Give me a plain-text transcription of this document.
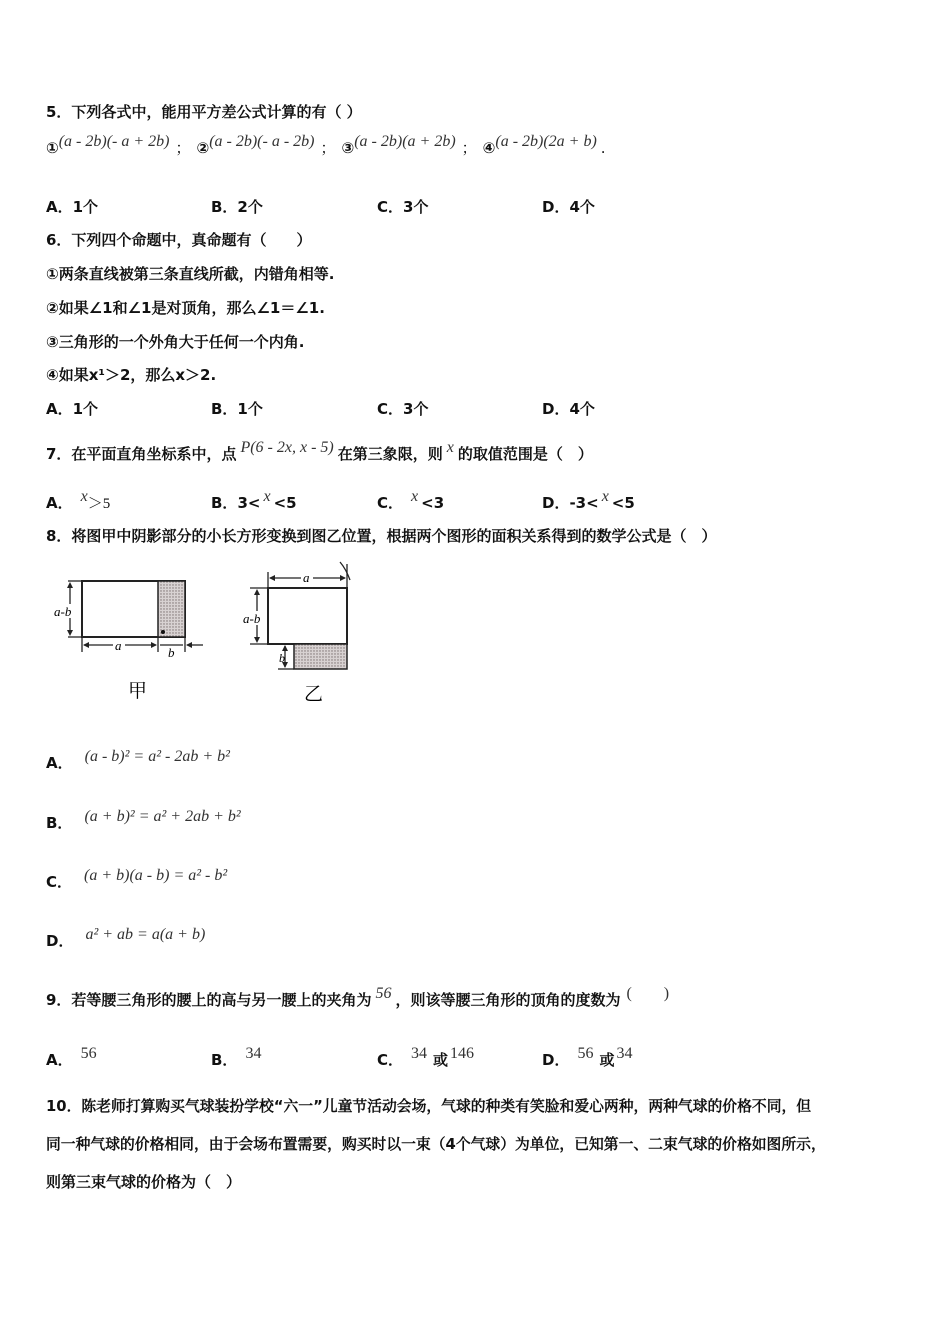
5．下列各式中，能用平方差公式计算的有（ ）
①(a - 2b)(- a + 2b) ； ②(a - 2b)(- a - 2b) ； ③(a - 2b)(a + 2b) ； ④(a - 2b)(2a + b) .
A．1个	B．2个	C．3个	D．4个
6．下列四个命题中，真命题有（　　）
①两条直线被第三条直线所截，内错角相等.
②如果∠1和∠1是对顶角，那么∠1＝∠1.
③三角形的一个外角大于任何一个内角.
④如果x¹＞2，那么x＞2.
A．1个	B．1个	C．3个	D．4个
7．在平面直角坐标系中，点 P(6 - 2x, x - 5) 在第三象限，则 x 的取值范围是（　）
A． x＞5	B．3< x <5	C． x <3	D．-3< x <5
8．将图甲中阴影部分的小长方形变换到图乙位置，根据两个图形的面积关系得到的数学公式是（　）
a-b
a	b
甲
a
a-b
b
乙
A． (a - b)² = a² - 2ab + b²
B． (a + b)² = a² + 2ab + b²
C． (a + b)(a - b) = a² - b²
D． a² + ab = a(a + b)
9．若等腰三角形的腰上的高与另一腰上的夹角为 56 ，则该等腰三角形的顶角的度数为 (　　)
A． 56	B． 34	C． 34 或 146	D． 56 或 34
10．陈老师打算购买气球装扮学校“六一”儿童节活动会场，气球的种类有笑脸和爱心两种，两种气球的价格不同，但
同一种气球的价格相同，由于会场布置需要，购买时以一束（4个气球）为单位，已知第一、二束气球的价格如图所示，
则第三束气球的价格为（　）
